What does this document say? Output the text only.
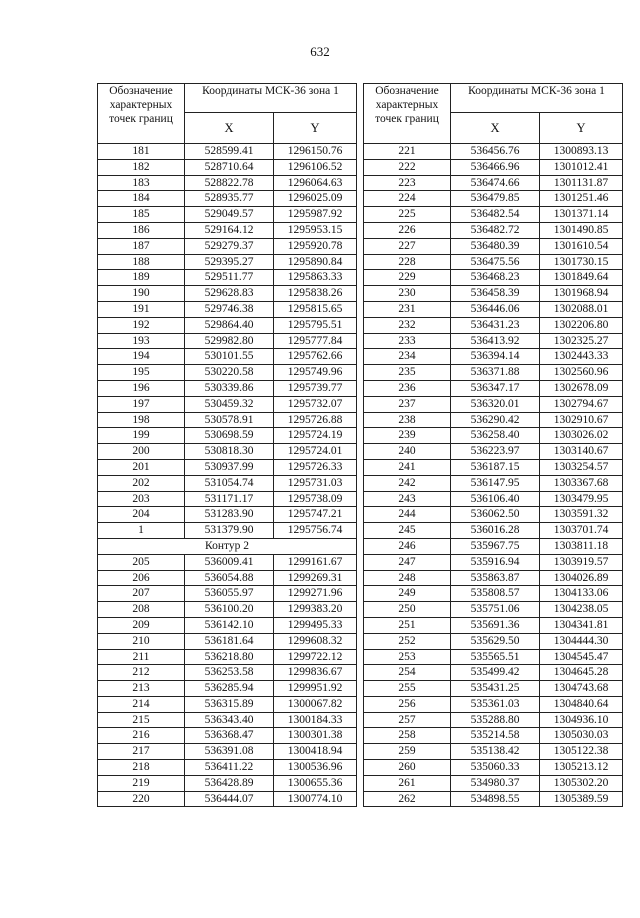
632
Обозначение характерных точек границ	Координаты МСК-36 зона 1	
	X	Y
181	528599.41	1296150.76
182	528710.64	1296106.52
183	528822.78	1296064.63
184	528935.77	1296025.09
185	529049.57	1295987.92
186	529164.12	1295953.15
187	529279.37	1295920.78
188	529395.27	1295890.84
189	529511.77	1295863.33
190	529628.83	1295838.26
191	529746.38	1295815.65
192	529864.40	1295795.51
193	529982.80	1295777.84
194	530101.55	1295762.66
195	530220.58	1295749.96
196	530339.86	1295739.77
197	530459.32	1295732.07
198	530578.91	1295726.88
199	530698.59	1295724.19
200	530818.30	1295724.01
201	530937.99	1295726.33
202	531054.74	1295731.03
203	531171.17	1295738.09
204	531283.90	1295747.21
1	531379.90	1295756.74
Контур 2		
205	536009.41	1299161.67
206	536054.88	1299269.31
207	536055.97	1299271.96
208	536100.20	1299383.20
209	536142.10	1299495.33
210	536181.64	1299608.32
211	536218.80	1299722.12
212	536253.58	1299836.67
213	536285.94	1299951.92
214	536315.89	1300067.82
215	536343.40	1300184.33
216	536368.47	1300301.38
217	536391.08	1300418.94
218	536411.22	1300536.96
219	536428.89	1300655.36
220	536444.07	1300774.10
Обозначение характерных точек границ	Координаты МСК-36 зона 1	
	X	Y
221	536456.76	1300893.13
222	536466.96	1301012.41
223	536474.66	1301131.87
224	536479.85	1301251.46
225	536482.54	1301371.14
226	536482.72	1301490.85
227	536480.39	1301610.54
228	536475.56	1301730.15
229	536468.23	1301849.64
230	536458.39	1301968.94
231	536446.06	1302088.01
232	536431.23	1302206.80
233	536413.92	1302325.27
234	536394.14	1302443.33
235	536371.88	1302560.96
236	536347.17	1302678.09
237	536320.01	1302794.67
238	536290.42	1302910.67
239	536258.40	1303026.02
240	536223.97	1303140.67
241	536187.15	1303254.57
242	536147.95	1303367.68
243	536106.40	1303479.95
244	536062.50	1303591.32
245	536016.28	1303701.74
246	535967.75	1303811.18
247	535916.94	1303919.57
248	535863.87	1304026.89
249	535808.57	1304133.06
250	535751.06	1304238.05
251	535691.36	1304341.81
252	535629.50	1304444.30
253	535565.51	1304545.47
254	535499.42	1304645.28
255	535431.25	1304743.68
256	535361.03	1304840.64
257	535288.80	1304936.10
258	535214.58	1305030.03
259	535138.42	1305122.38
260	535060.33	1305213.12
261	534980.37	1305302.20
262	534898.55	1305389.59
